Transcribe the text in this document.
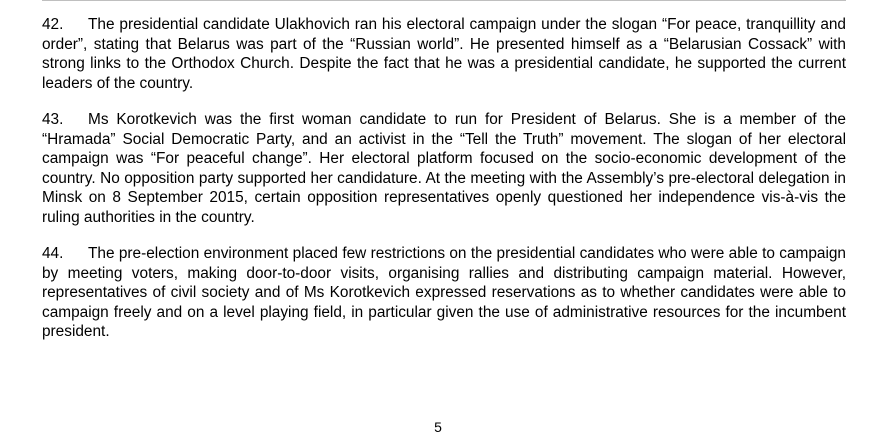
42. The presidential candidate Ulakhovich ran his electoral campaign under the slogan “For peace, tranquillity and order”, stating that Belarus was part of the “Russian world”. He presented himself as a “Belarusian Cossack” with strong links to the Orthodox Church. Despite the fact that he was a presidential candidate, he supported the current leaders of the country.

43. Ms Korotkevich was the first woman candidate to run for President of Belarus. She is a member of the “Hramada” Social Democratic Party, and an activist in the “Tell the Truth” movement. The slogan of her electoral campaign was “For peaceful change”. Her electoral platform focused on the socio-economic development of the country. No opposition party supported her candidature. At the meeting with the Assembly’s pre-electoral delegation in Minsk on 8 September 2015, certain opposition representatives openly questioned her independence vis-à-vis the ruling authorities in the country.

44. The pre-election environment placed few restrictions on the presidential candidates who were able to campaign by meeting voters, making door-to-door visits, organising rallies and distributing campaign material. However, representatives of civil society and of Ms Korotkevich expressed reservations as to whether candidates were able to campaign freely and on a level playing field, in particular given the use of administrative resources for the incumbent president.

5
